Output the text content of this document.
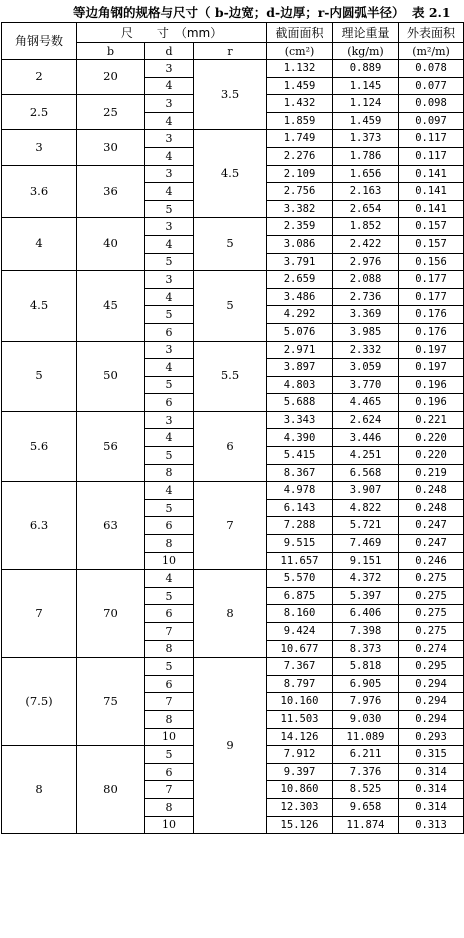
等边角钢的规格与尺寸（ b-边宽；d-边厚；r-内圆弧半径） 表 2.1
角钢号数	尺　　寸　（mm）			截面面积	理论重量	外表面积
	b	d	r	(cm²)	(kg/m)	(m²/m)
2	20	3	3.5	1.132	0.889	0.078
		4		1.459	1.145	0.077
2.5	25	3		1.432	1.124	0.098
		4		1.859	1.459	0.097
3	30	3	4.5	1.749	1.373	0.117
		4		2.276	1.786	0.117
3.6	36	3		2.109	1.656	0.141
		4		2.756	2.163	0.141
		5		3.382	2.654	0.141
4	40	3	5	2.359	1.852	0.157
		4		3.086	2.422	0.157
		5		3.791	2.976	0.156
4.5	45	3	5	2.659	2.088	0.177
		4		3.486	2.736	0.177
		5		4.292	3.369	0.176
		6		5.076	3.985	0.176
5	50	3	5.5	2.971	2.332	0.197
		4		3.897	3.059	0.197
		5		4.803	3.770	0.196
		6		5.688	4.465	0.196
5.6	56	3	6	3.343	2.624	0.221
		4		4.390	3.446	0.220
		5		5.415	4.251	0.220
		8		8.367	6.568	0.219
6.3	63	4	7	4.978	3.907	0.248
		5		6.143	4.822	0.248
		6		7.288	5.721	0.247
		8		9.515	7.469	0.247
		10		11.657	9.151	0.246
7	70	4	8	5.570	4.372	0.275
		5		6.875	5.397	0.275
		6		8.160	6.406	0.275
		7		9.424	7.398	0.275
		8		10.677	8.373	0.274
(7.5)	75	5	9	7.367	5.818	0.295
		6		8.797	6.905	0.294
		7		10.160	7.976	0.294
		8		11.503	9.030	0.294
		10		14.126	11.089	0.293
8	80	5		7.912	6.211	0.315
		6		9.397	7.376	0.314
		7		10.860	8.525	0.314
		8		12.303	9.658	0.314
		10		15.126	11.874	0.313
